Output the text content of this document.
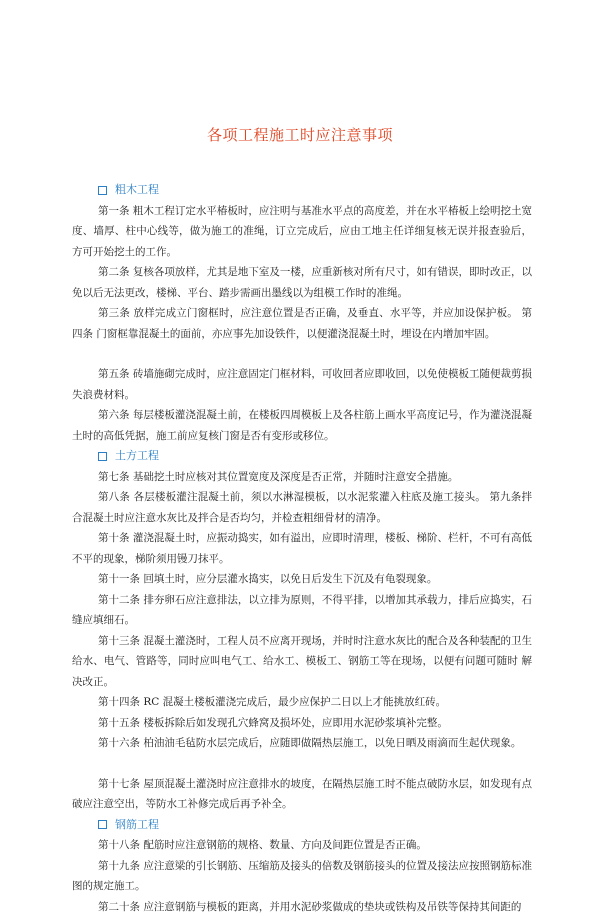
各项工程施工时应注意事项
粗木工程

第一条 粗木工程订定水平椿板时，应注明与基准水平点的高度差，并在水平椿板上绘明挖土宽度、墙厚、柱中心线等，做为施工的准绳，订立完成后，应由工地主任详细复核无误并报查验后，方可开始挖土的工作。

第二条 复核各项放样，尤其是地下室及一楼，应重新核对所有尺寸，如有错误，即时改正，以免以后无法更改，楼梯、平台、踏步需画出墨线以为组模工作时的准绳。

第三条 放样完成立门窗框时，应注意位置是否正确，及垂直、水平等，并应加设保护板。 第四条 门窗框靠混凝土的面前，亦应事先加设铁件，以便灌浇混凝土时，埋设在内增加牢固。

第五条 砖墙施砌完成时，应注意固定门框材料，可收回者应即收回，以免使模板工随便裁剪损失浪费材料。

第六条 每层楼板灌浇混凝土前，在楼板四周模板上及各柱筋上画水平高度记号，作为灌浇混凝土时的高低凭据，施工前应复核门窗是否有变形或移位。

土方工程

第七条 基础挖土时应核对其位置宽度及深度是否正常，并随时注意安全措施。

第八条 各层楼板灌注混凝土前，须以水淋湿模板，以水泥浆灌入柱底及施工接头。 第九条拌合混凝土时应注意水灰比及拌合是否均匀，并检查粗细骨材的清净。

第十条 灌浇混凝土时，应振动捣实，如有溢出，应即时清理，楼板、梯阶、栏杆，不可有高低不平的现象，梯阶须用镘刀抹平。

第十一条 回填土时，应分层灌水捣实，以免日后发生下沉及有龟裂现象。

第十二条 排夯卵石应注意排法，以立排为原则，不得平排，以增加其承载力，排后应捣实，石缝应填细石。

第十三条 混凝土灌浇时，工程人员不应离开现场，并时时注意水灰比的配合及各种装配的卫生给水、电气、管路等，同时应叫电气工、给水工、模板工、钢筋工等在现场，以便有问题可随时 解决改正。

第十四条 RC 混凝土楼板灌浇完成后，最少应保护二日以上才能挑放红砖。

第十五条 楼板拆除后如发现孔穴蜂窝及损坏处，应即用水泥砂浆填补完整。

第十六条 柏油油毛毡防水层完成后，应随即做隔热层施工，以免日晒及雨滴而生起伏现象。

第十七条 屋顶混凝土灌浇时应注意排水的坡度，在隔热层施工时不能点破防水层，如发现有点破应注意空出，等防水工补修完成后再予补全。

钢筋工程

第十八条 配筋时应注意钢筋的规格、数量、方向及间距位置是否正确。

第十九条 应注意梁的引长钢筋、压缩筋及接头的倍数及钢筋接头的位置及接法应按照钢筋标准图的规定施工。

第二十条 应注意钢筋与模板的距离，并用水泥砂浆做成的垫块或铁构及吊铁等保持其间距的
